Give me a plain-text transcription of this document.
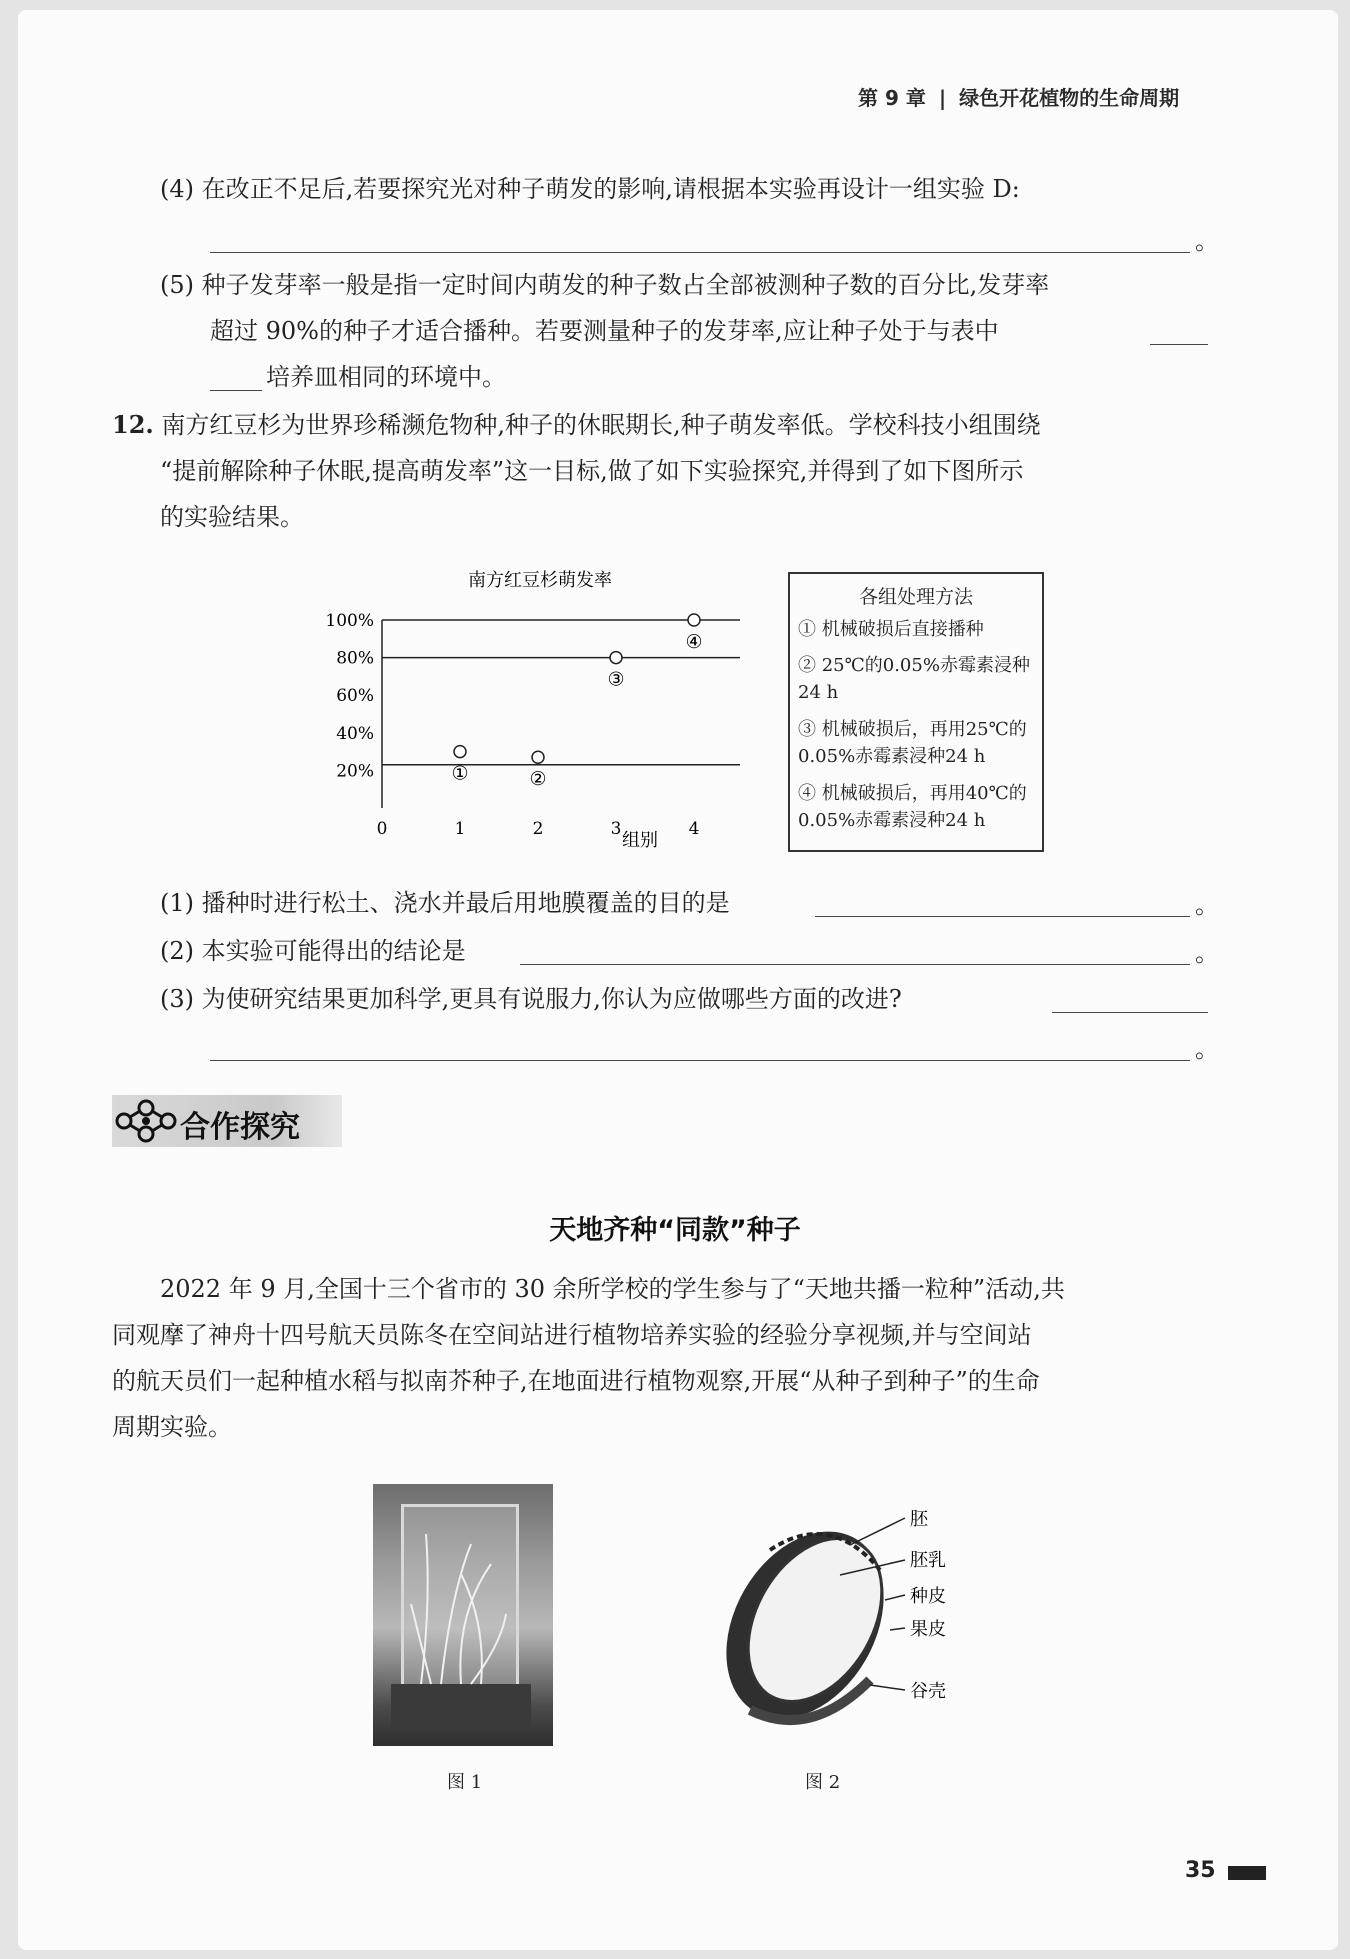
第 9 章 | 绿色开花植物的生命周期
(4) 在改正不足后,若要探究光对种子萌发的影响,请根据本实验再设计一组实验 D:
。
(5) 种子发芽率一般是指一定时间内萌发的种子数占全部被测种子数的百分比,发芽率
超过 90%的种子才适合播种。若要测量种子的发芽率,应让种子处于与表中
培养皿相同的环境中。
12. 南方红豆杉为世界珍稀濒危物种,种子的休眠期长,种子萌发率低。学校科技小组围绕
“提前解除种子休眠,提高萌发率”这一目标,做了如下实验探究,并得到了如下图所示
的实验结果。
南方红豆杉萌发率
20%
40%
60%
80%
100%
0	1	2	3	4
①	②
③
④
组别
各组处理方法
① 机械破损后直接播种
② 25℃的0.05%赤霉素浸种24 h
③ 机械破损后，再用25℃的0.05%赤霉素浸种24 h
④ 机械破损后，再用40℃的0.05%赤霉素浸种24 h
(1) 播种时进行松土、浇水并最后用地膜覆盖的目的是	。
(2) 本实验可能得出的结论是	。
(3) 为使研究结果更加科学,更具有说服力,你认为应做哪些方面的改进?
。
合作探究
天地齐种“同款”种子
2022 年 9 月,全国十三个省市的 30 余所学校的学生参与了“天地共播一粒种”活动,共
同观摩了神舟十四号航天员陈冬在空间站进行植物培养实验的经验分享视频,并与空间站
的航天员们一起种植水稻与拟南芥种子,在地面进行植物观察,开展“从种子到种子”的生命
周期实验。
图 1
胚
胚乳
种皮
果皮
谷壳
图 2
35
